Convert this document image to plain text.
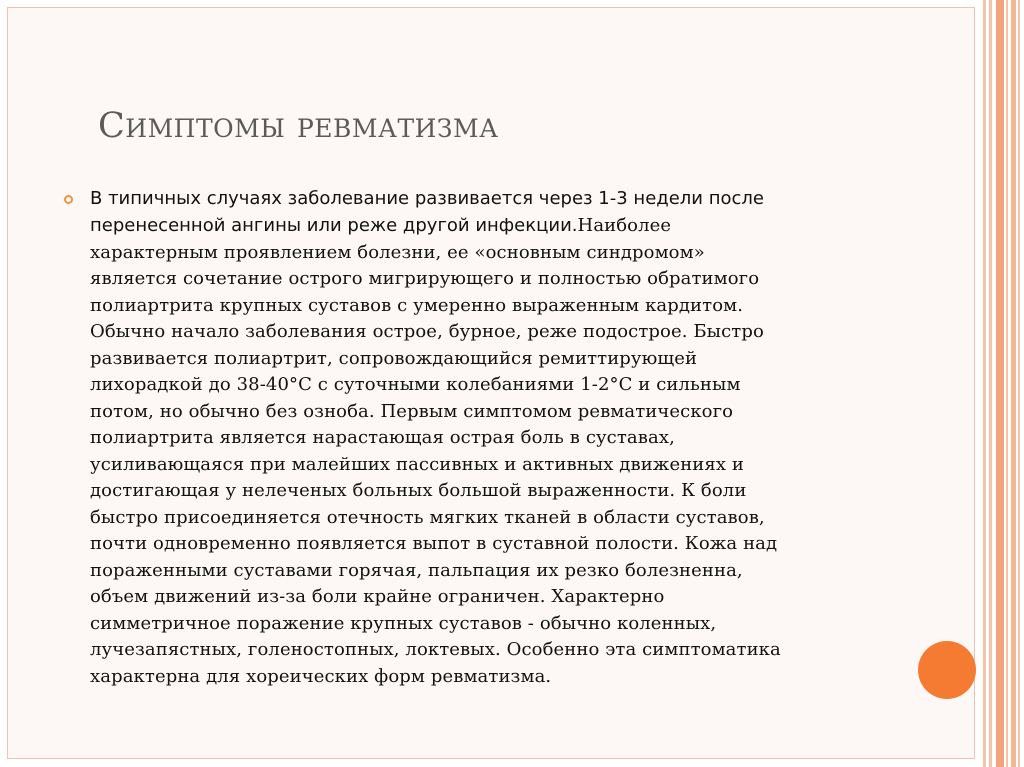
Симптомы ревматизма
В типичных случаях заболевание развивается через 1-3 недели после
перенесенной ангины или реже другой инфекции.Наиболее
характерным проявлением болезни, ее «основным синдромом»
является сочетание острого мигрирующего и полностью обратимого
полиартрита крупных суставов с умеренно выраженным кардитом.
Обычно начало заболевания острое, бурное, реже подострое. Быстро
развивается полиартрит, сопровождающийся ремиттирующей
лихорадкой до 38-40°С с суточными колебаниями 1-2°С и сильным
потом, но обычно без озноба. Первым симптомом ревматического
полиартрита является нарастающая острая боль в суставах,
усиливающаяся при малейших пассивных и активных движениях и
достигающая у нелеченых больных большой выраженности. К боли
быстро присоединяется отечность мягких тканей в области суставов,
почти одновременно появляется выпот в суставной полости. Кожа над
пораженными суставами горячая, пальпация их резко болезненна,
объем движений из-за боли крайне ограничен. Характерно
симметричное поражение крупных суставов - обычно коленных,
лучезапястных, голеностопных, локтевых. Особенно эта симптоматика
характерна для хореических форм ревматизма.
